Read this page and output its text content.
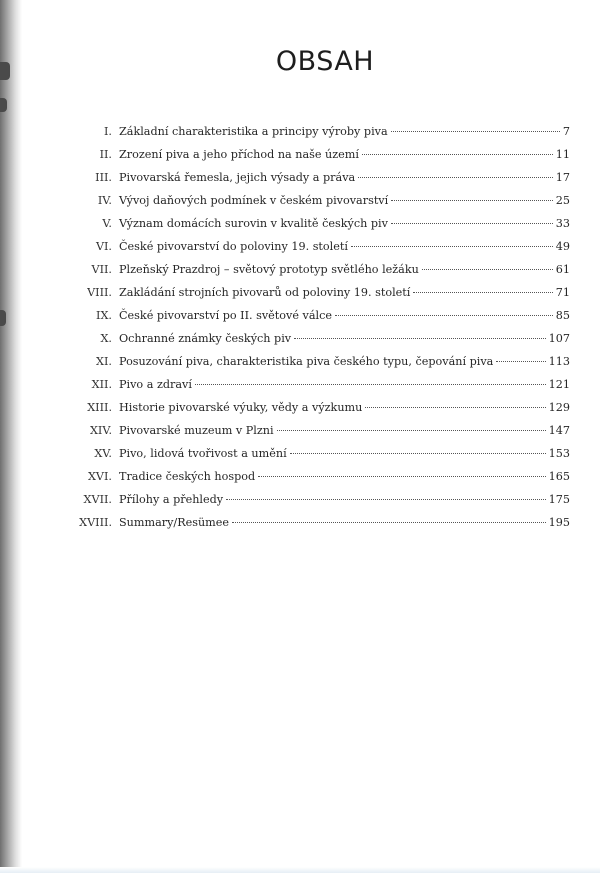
OBSAH
I. Základní charakteristika a principy výroby piva	7
II. Zrození piva a jeho příchod na naše území	11
III. Pivovarská řemesla, jejich výsady a práva	17
IV. Vývoj daňových podmínek v českém pivovarství	25
V. Význam domácích surovin v kvalitě českých piv	33
VI. České pivovarství do poloviny 19. století	49
VII. Plzeňský Prazdroj – světový prototyp světlého ležáku	61
VIII. Zakládání strojních pivovarů od poloviny 19. století	71
IX. České pivovarství po II. světové válce	85
X. Ochranné známky českých piv	107
XI. Posuzování piva, charakteristika piva českého typu, čepování piva	113
XII. Pivo a zdraví	121
XIII. Historie pivovarské výuky, vědy a výzkumu	129
XIV. Pivovarské muzeum v Plzni	147
XV. Pivo, lidová tvořivost a umění	153
XVI. Tradice českých hospod	165
XVII. Přílohy a přehledy	175
XVIII. Summary/Resümee	195
